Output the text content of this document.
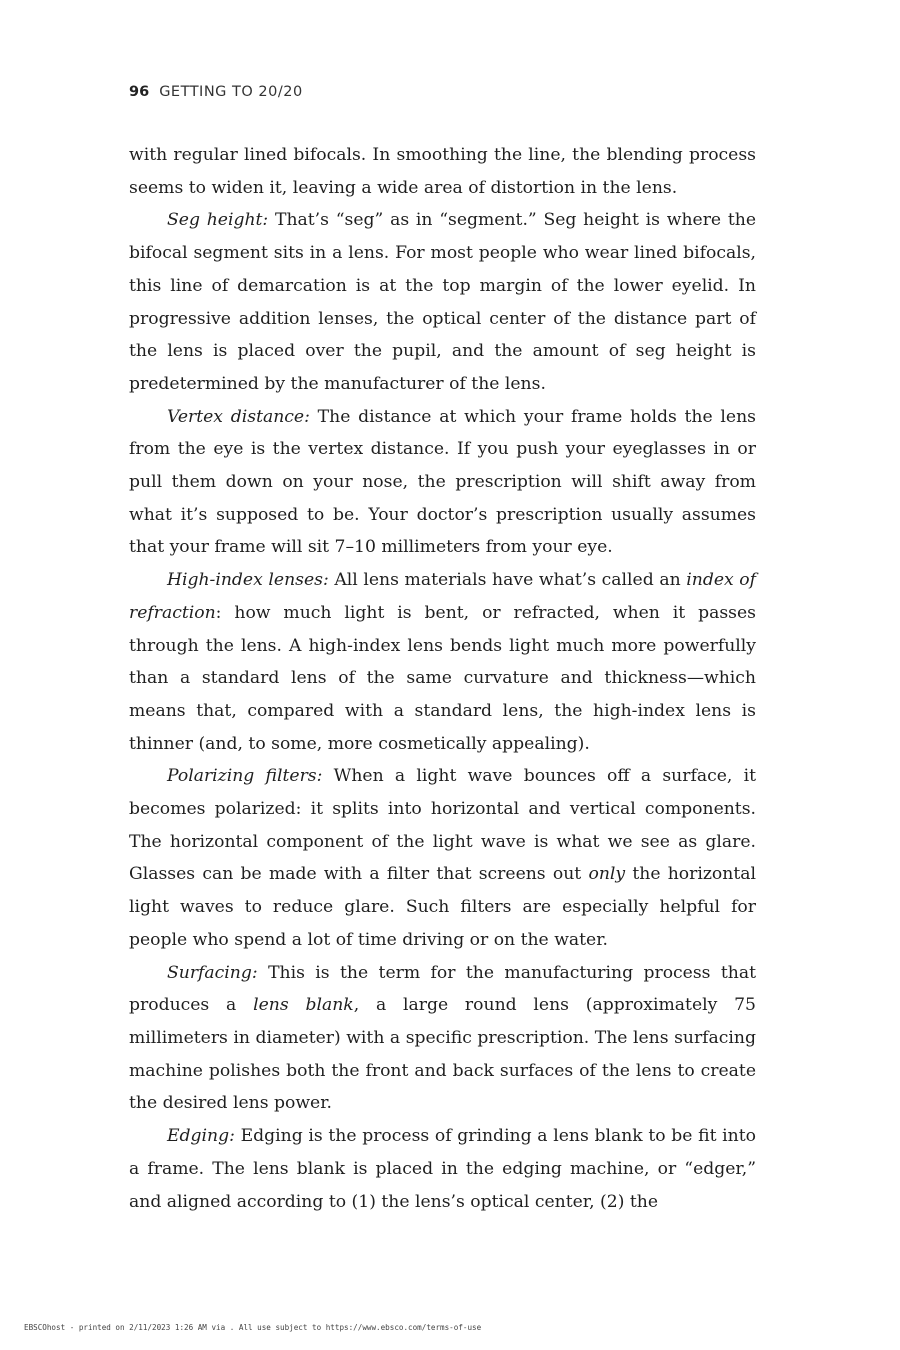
96 GETTING TO 20/20

with regular lined bifocals. In smoothing the line, the blending process seems to widen it, leaving a wide area of distortion in the lens.

Seg height: That’s “seg” as in “segment.” Seg height is where the bifocal segment sits in a lens. For most people who wear lined bifocals, this line of demarcation is at the top margin of the lower eyelid. In progressive addition lenses, the optical center of the distance part of the lens is placed over the pupil, and the amount of seg height is predetermined by the manufacturer of the lens.

Vertex distance: The distance at which your frame holds the lens from the eye is the vertex distance. If you push your eyeglasses in or pull them down on your nose, the prescription will shift away from what it’s supposed to be. Your doctor’s prescription usually assumes that your frame will sit 7–10 millimeters from your eye.

High-index lenses: All lens materials have what’s called an index of refraction: how much light is bent, or refracted, when it passes through the lens. A high-index lens bends light much more powerfully than a standard lens of the same curvature and thickness—which means that, compared with a standard lens, the high-index lens is thinner (and, to some, more cosmetically appealing).

Polarizing filters: When a light wave bounces off a surface, it becomes polarized: it splits into horizontal and vertical components. The horizontal component of the light wave is what we see as glare. Glasses can be made with a filter that screens out only the horizontal light waves to reduce glare. Such filters are especially helpful for people who spend a lot of time driving or on the water.

Surfacing: This is the term for the manufacturing process that produces a lens blank, a large round lens (approximately 75 millimeters in diameter) with a specific prescription. The lens surfacing machine polishes both the front and back surfaces of the lens to create the desired lens power.

Edging: Edging is the process of grinding a lens blank to be fit into a frame. The lens blank is placed in the edging machine, or “edger,” and aligned according to (1) the lens’s optical center, (2) the

EBSCOhost - printed on 2/11/2023 1:26 AM via . All use subject to https://www.ebsco.com/terms-of-use
